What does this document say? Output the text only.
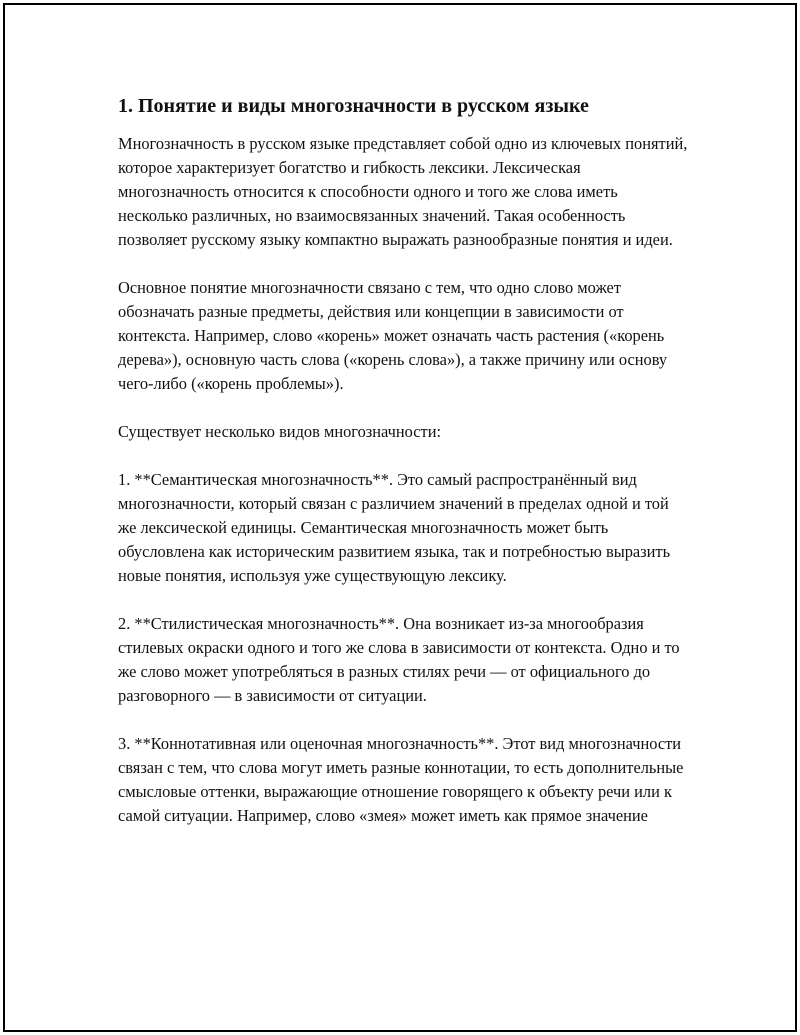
1. Понятие и виды многозначности в русском языке

Многозначность в русском языке представляет собой одно из ключевых понятий, которое характеризует богатство и гибкость лексики. Лексическая многозначность относится к способности одного и того же слова иметь несколько различных, но взаимосвязанных значений. Такая особенность позволяет русскому языку компактно выражать разнообразные понятия и идеи.

Основное понятие многозначности связано с тем, что одно слово может обозначать разные предметы, действия или концепции в зависимости от контекста. Например, слово «корень» может означать часть растения («корень дерева»), основную часть слова («корень слова»), а также причину или основу чего-либо («корень проблемы»).

Существует несколько видов многозначности:

1. **Семантическая многозначность**. Это самый распространённый вид многозначности, который связан с различием значений в пределах одной и той же лексической единицы. Семантическая многозначность может быть обусловлена как историческим развитием языка, так и потребностью выразить новые понятия, используя уже существующую лексику.

2. **Стилистическая многозначность**. Она возникает из-за многообразия стилевых окраски одного и того же слова в зависимости от контекста. Одно и то же слово может употребляться в разных стилях речи — от официального до разговорного — в зависимости от ситуации.

3. **Коннотативная или оценочная многозначность**. Этот вид многозначности связан с тем, что слова могут иметь разные коннотации, то есть дополнительные смысловые оттенки, выражающие отношение говорящего к объекту речи или к самой ситуации. Например, слово «змея» может иметь как прямое значение
